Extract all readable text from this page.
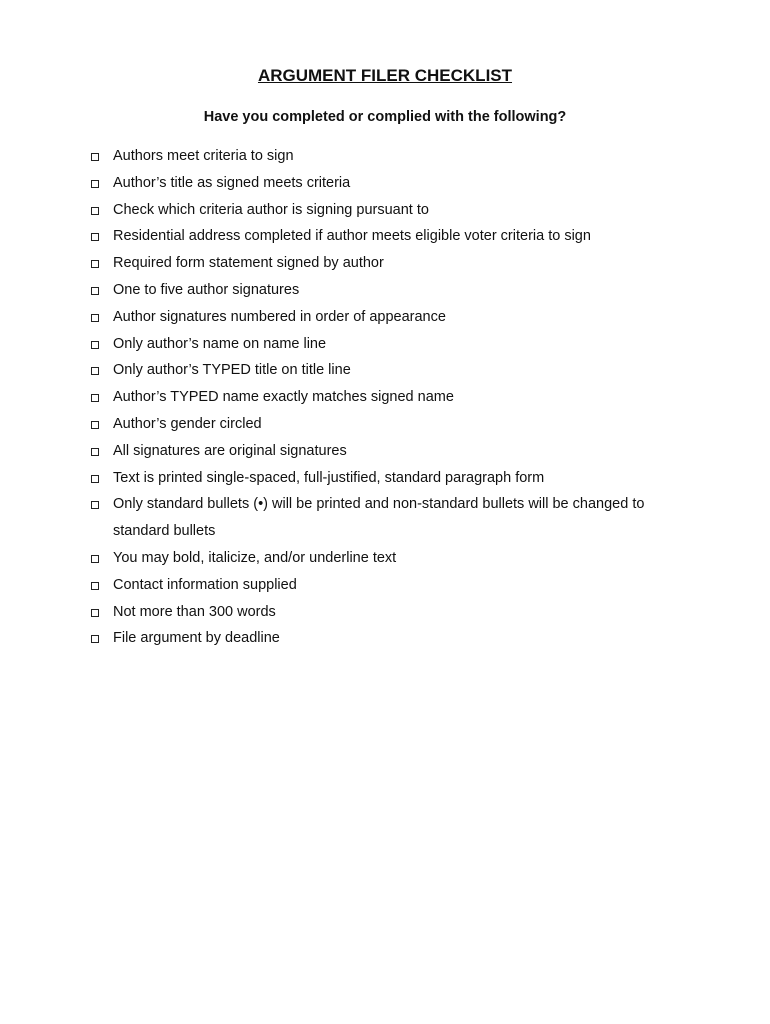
ARGUMENT FILER CHECKLIST
Have you completed or complied with the following?
Authors meet criteria to sign
Author’s title as signed meets criteria
Check which criteria author is signing pursuant to
Residential address completed if author meets eligible voter criteria to sign
Required form statement signed by author
One to five author signatures
Author signatures numbered in order of appearance
Only author’s name on name line
Only author’s TYPED title on title line
Author’s TYPED name exactly matches signed name
Author’s gender circled
All signatures are original signatures
Text is printed single-spaced, full-justified, standard paragraph form
Only standard bullets (•) will be printed and non-standard bullets will be changed to standard bullets
You may bold, italicize, and/or underline text
Contact information supplied
Not more than 300 words
File argument by deadline
